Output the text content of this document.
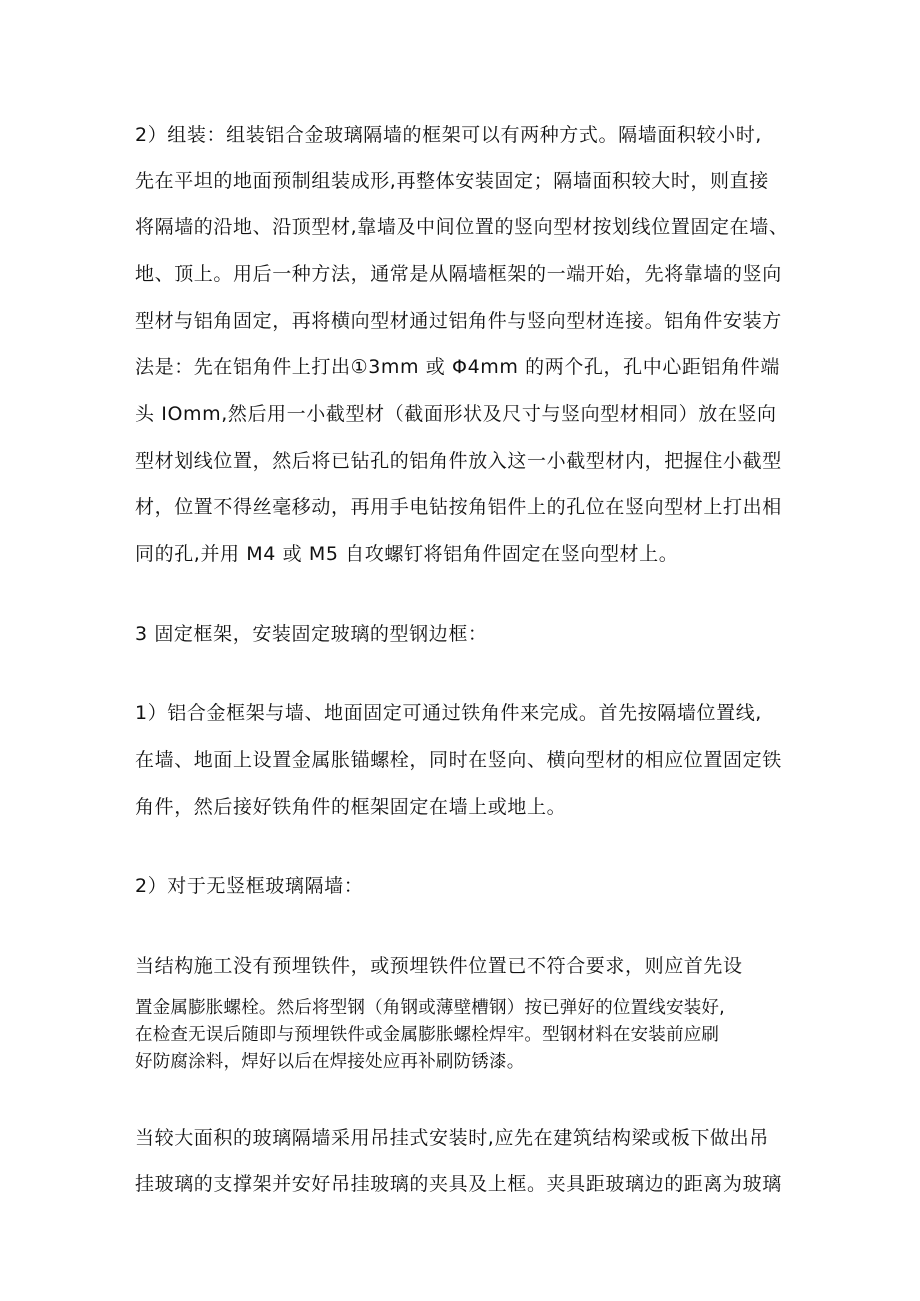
2）组装：组装铝合金玻璃隔墙的框架可以有两种方式。隔墙面积较小时,
先在平坦的地面预制组装成形,再整体安装固定；隔墙面积较大时，则直接
将隔墙的沿地、沿顶型材,靠墙及中间位置的竖向型材按划线位置固定在墙、
地、顶上。用后一种方法，通常是从隔墙框架的一端开始，先将靠墙的竖向
型材与铝角固定，再将横向型材通过铝角件与竖向型材连接。铝角件安装方
法是：先在铝角件上打出①3mm 或 Φ4mm 的两个孔，孔中心距铝角件端
头 IOmm,然后用一小截型材（截面形状及尺寸与竖向型材相同）放在竖向
型材划线位置，然后将已钻孔的铝角件放入这一小截型材内，把握住小截型
材，位置不得丝毫移动，再用手电钻按角铝件上的孔位在竖向型材上打出相
同的孔,并用 M4 或 M5 自攻螺钉将铝角件固定在竖向型材上。
3 固定框架，安装固定玻璃的型钢边框：
1）铝合金框架与墙、地面固定可通过铁角件来完成。首先按隔墙位置线,
在墙、地面上设置金属胀锚螺栓，同时在竖向、横向型材的相应位置固定铁
角件，然后接好铁角件的框架固定在墙上或地上。
2）对于无竖框玻璃隔墙：
当结构施工没有预埋铁件，或预埋铁件位置已不符合要求，则应首先设
置金属膨胀螺栓。然后将型钢（角钢或薄壁槽钢）按已弹好的位置线安装好,
在检查无误后随即与预埋铁件或金属膨胀螺栓焊牢。型钢材料在安装前应刷
好防腐涂料，焊好以后在焊接处应再补刷防锈漆。
当较大面积的玻璃隔墙采用吊挂式安装时,应先在建筑结构梁或板下做出吊
挂玻璃的支撑架并安好吊挂玻璃的夹具及上框。夹具距玻璃边的距离为玻璃
